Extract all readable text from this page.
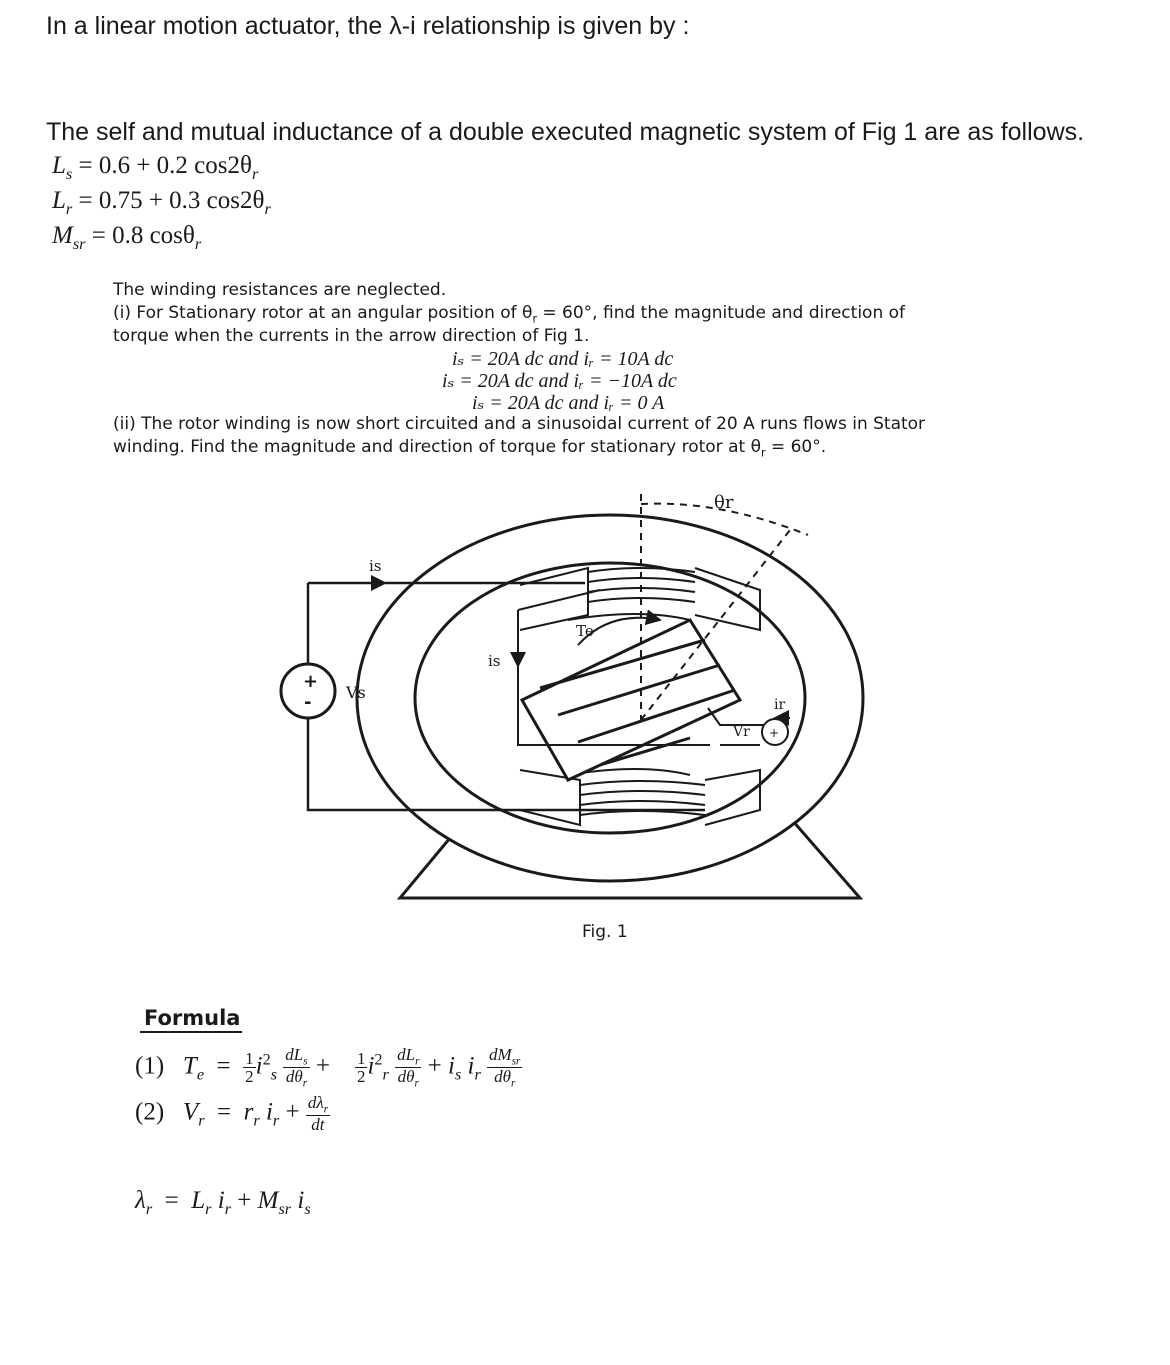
In a linear motion actuator, the λ-i relationship is given by :
The self and mutual inductance of a double executed magnetic system of Fig 1 are as follows.
$L_s = 0.6 + 0.2$ $\cos 2\theta_r$
$L_r = 0.75 + 0.3$ $\cos 2\theta_r$
$M_{sr} = 0.8$ cosθ$_r$
The winding resistances are neglected.
(i) For Stationary rotor at an angular position of $\theta_r = 60^\circ$, find the magnitude and direction of
torque when the currents in the arrow direction of Fig 1.
iₛ = 20A dc and iᵣ = 10A dc
iₛ = 20A dc and iᵣ = −10A dc
iₛ = 20A dc and iᵣ = 0 A
(ii) The rotor winding is now short circuited and a sinusoidal current of 20 A runs flows in Stator
winding. Find the magnitude and direction of torque for stationary rotor at $\theta_r = 60^\circ$.
+
- Vs
is
is
Te
θr
Vr
ir
+
Fig. 1
Formula
(1) $T_e = \frac{1}{2} i^2_s \frac{dL_s}{d\theta_r} + \frac{1}{2} i^2_r \frac{dL_r}{d\theta_r} + i_s$ $i_r \frac{dM_{sr}}{d\theta_r}$
(2) $V_r = r_r$ $i_r + \frac{d\lambda_r}{dt}$
$\lambda_r = L_r$ $i_r + M_{sr}$ $i_s$
